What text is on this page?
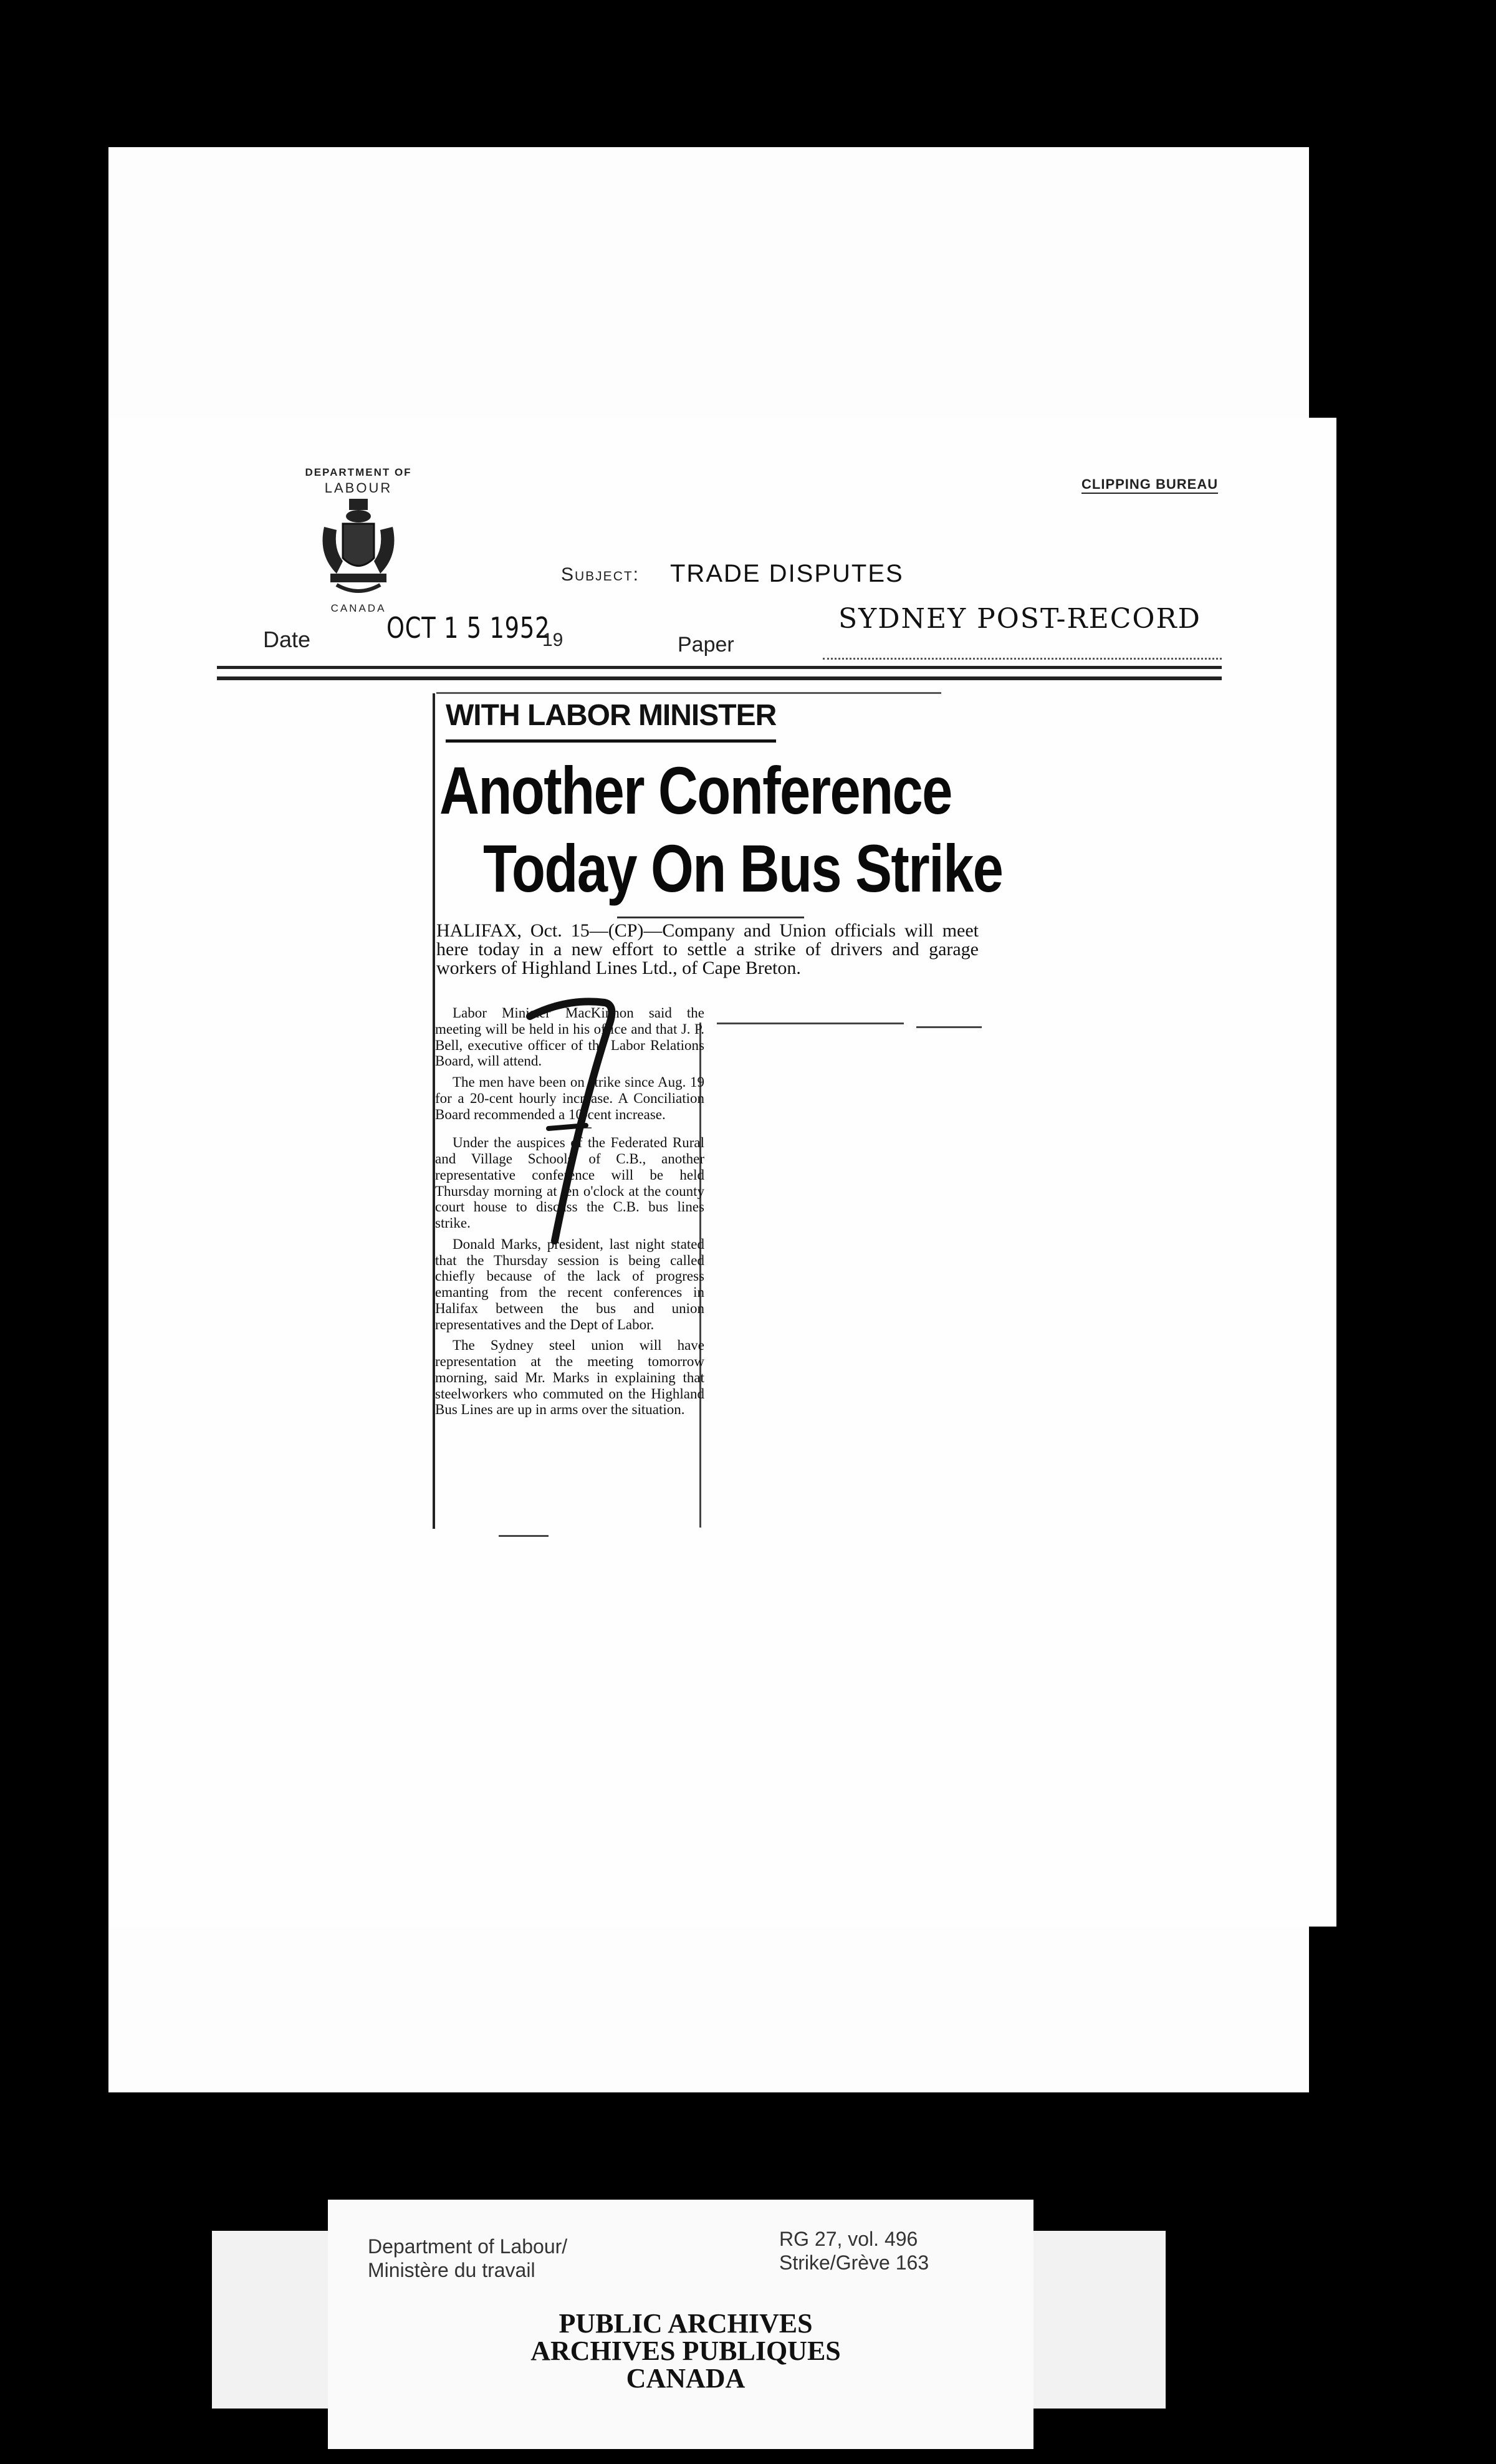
DEPARTMENT OF
LABOUR
CANADA
CLIPPING BUREAU
Subject: TRADE DISPUTES
Date	OCT 1 5 1952
19	Paper
SYDNEY POST-RECORD
WITH LABOR MINISTER
Another Conference
Today On Bus Strike
HALIFAX, Oct. 15—(CP)—Company and Union officials will meet here today in a new effort to settle a strike of drivers and garage workers of Highland Lines Ltd., of Cape Breton.

Labor Minister MacKinnon said the meeting will be held in his office and that J. P. Bell, executive officer of the Labor Relations Board, will attend.

The men have been on strike since Aug. 19 for a 20-cent hourly increase. A Conciliation Board recommended a 10-cent increase.

Under the auspices of the Federated Rural and Village Schools of C.B., another representative conference will be held Thursday morning at ten o'clock at the county court house to discuss the C.B. bus lines strike.

Donald Marks, president, last night stated that the Thursday session is being called chiefly because of the lack of progress emanting from the recent conferences in Halifax between the bus and union representatives and the Dept of Labor.

The Sydney steel union will have representation at the meeting tomorrow morning, said Mr. Marks in explaining that steelworkers who commuted on the Highland Bus Lines are up in arms over the situation.

Department of Labour/
Ministère du travail
RG 27, vol. 496
Strike/Grève 163
PUBLIC ARCHIVES
ARCHIVES PUBLIQUES
CANADA
